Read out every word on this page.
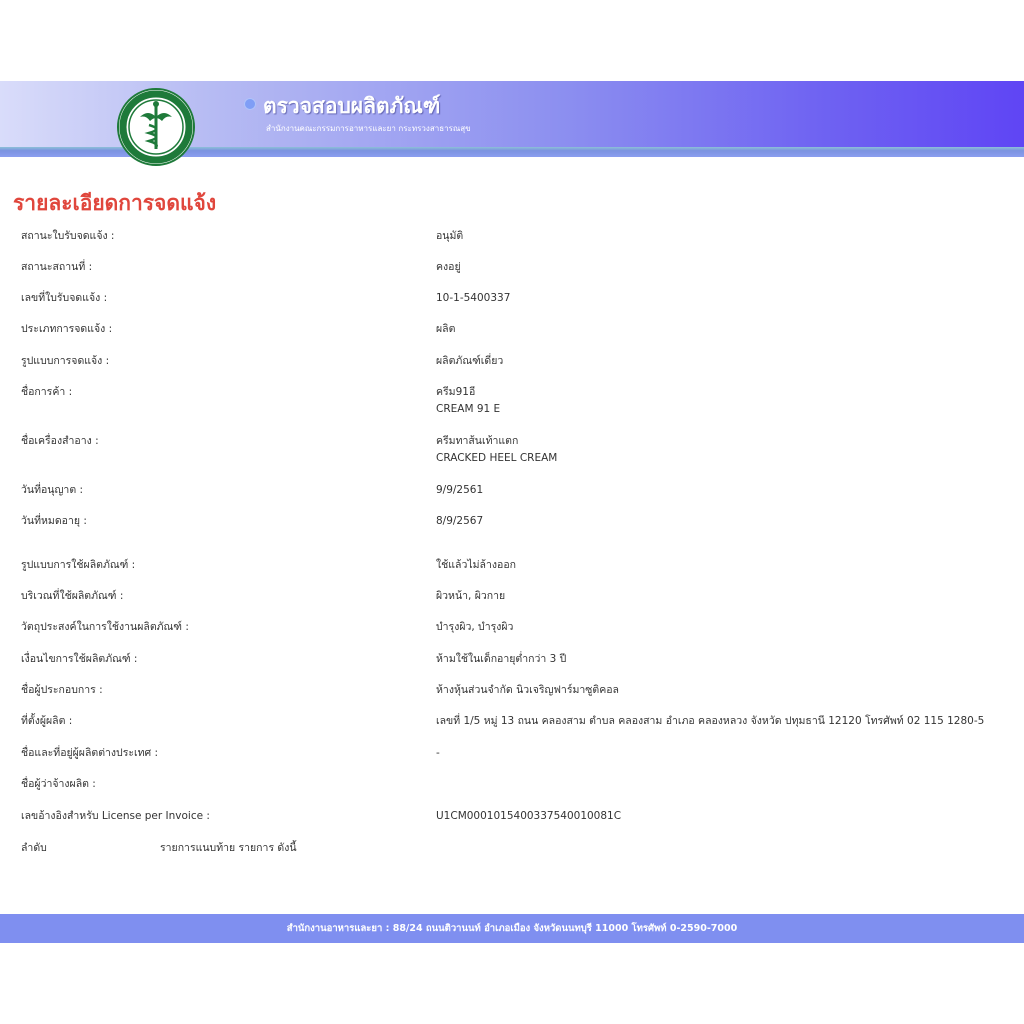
ตรวจสอบผลิตภัณฑ์
สำนักงานคณะกรรมการอาหารและยา กระทรวงสาธารณสุข
รายละเอียดการจดแจ้ง
สถานะใบรับจดแจ้ง :	อนุมัติ
สถานะสถานที่ :	คงอยู่
เลขที่ใบรับจดแจ้ง :	10-1-5400337
ประเภทการจดแจ้ง :	ผลิต
รูปแบบการจดแจ้ง :	ผลิตภัณฑ์เดี่ยว
ชื่อการค้า :	ครีม91อี
CREAM 91 E
ชื่อเครื่องสำอาง :	ครีมทาส้นเท้าแตก
CRACKED HEEL CREAM
วันที่อนุญาต :	9/9/2561
วันที่หมดอายุ :	8/9/2567
รูปแบบการใช้ผลิตภัณฑ์ :	ใช้แล้วไม่ล้างออก
บริเวณที่ใช้ผลิตภัณฑ์ :	ผิวหน้า, ผิวกาย
วัตถุประสงค์ในการใช้งานผลิตภัณฑ์ :	บำรุงผิว, บำรุงผิว
เงื่อนไขการใช้ผลิตภัณฑ์ :	ห้ามใช้ในเด็กอายุต่ำกว่า 3 ปี
ชื่อผู้ประกอบการ :	ห้างหุ้นส่วนจำกัด นิวเจริญฟาร์มาซูติคอล
ที่ตั้งผู้ผลิต :	เลขที่ 1/5 หมู่ 13 ถนน คลองสาม ตำบล คลองสาม อำเภอ คลองหลวง จังหวัด ปทุมธานี 12120 โทรศัพท์ 02 115 1280-5
ชื่อและที่อยู่ผู้ผลิตต่างประเทศ :	-
ชื่อผู้ว่าจ้างผลิต :
เลขอ้างอิงสำหรับ License per Invoice :	U1CM0001015400337540010081C
ลำดับ	รายการแนบท้าย รายการ ดังนี้
สำนักงานอาหารและยา : 88/24 ถนนติวานนท์ อำเภอเมือง จังหวัดนนทบุรี 11000 โทรศัพท์ 0-2590-7000
